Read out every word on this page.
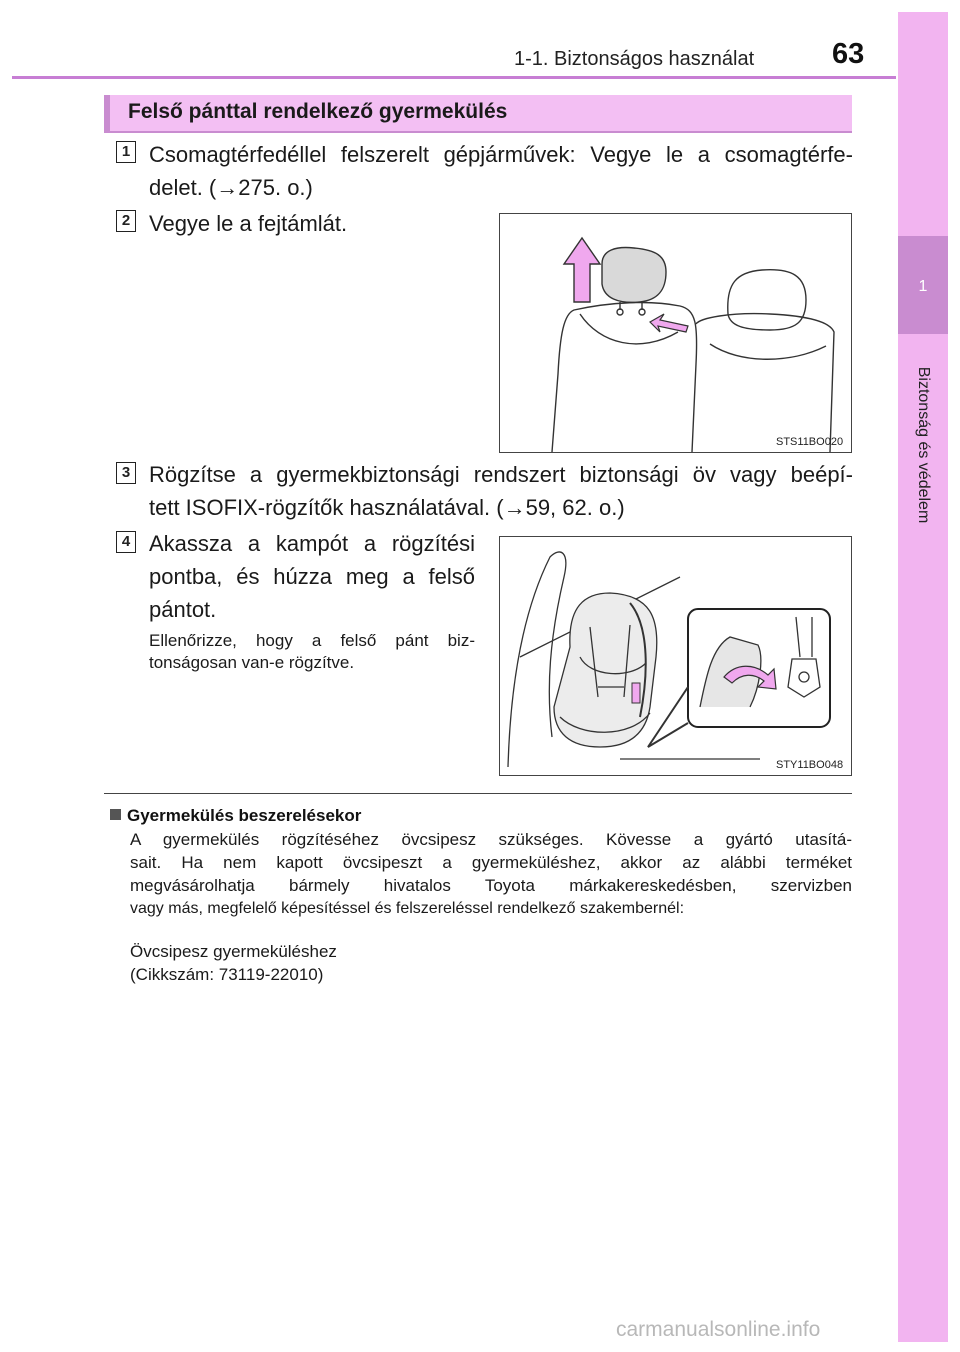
1
Biztonság és védelem
1-1. Biztonságos használat	63
Felső pánttal rendelkező gyermekülés
1 Csomagtérfedéllel felszerelt gépjárművek: Vegye le a csomagtérfe-
delet. (→275. o.)
2 Vegye le a fejtámlát.
STS11BO020
3 Rögzítse a gyermekbiztonsági rendszert biztonsági öv vagy beépí-
tett ISOFIX-rögzítők használatával. (→59, 62. o.)
4 Akassza a kampót a rögzítési
pontba, és húzza meg a felső
pántot.
Ellenőrizze, hogy a felső pánt biz-
tonságosan van-e rögzítve.
STY11BO048
Gyermekülés beszerelésekor
A gyermekülés rögzítéséhez övcsipesz szükséges. Kövesse a gyártó utasítá-
sait. Ha nem kapott övcsipeszt a gyermeküléshez, akkor az alábbi terméket
megvásárolhatja bármely hivatalos Toyota márkakereskedésben, szervizben
vagy más, megfelelő képesítéssel és felszereléssel rendelkező szakembernél:
Övcsipesz gyermeküléshez
(Cikkszám: 73119-22010)
carmanualsonline.info
